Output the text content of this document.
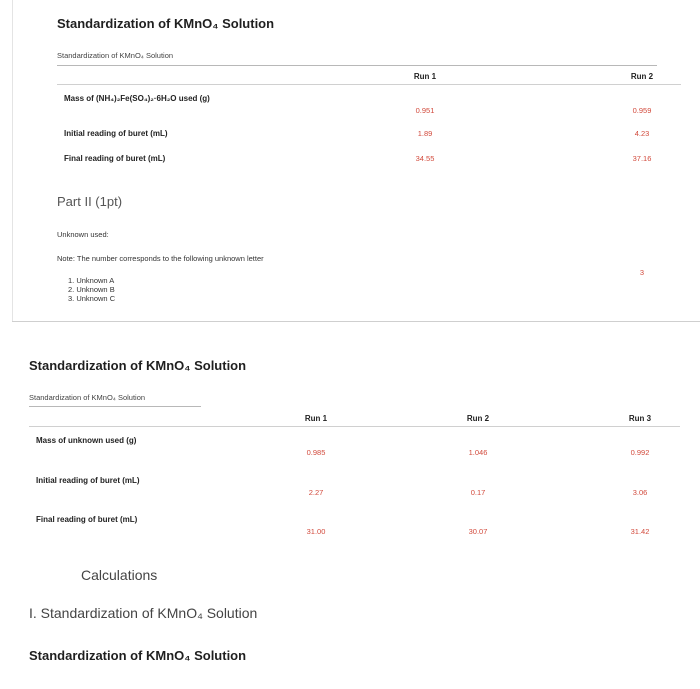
Standardization of KMnO₄ Solution
Standardization of KMnO₄ Solution
Run 1	Run 2
Mass of (NH₄)₂Fe(SO₄)₂·6H₂O used (g)
0.951	0.959
Initial reading of buret (mL)	1.89	4.23
Final reading of buret (mL)	34.55	37.16
Part II (1pt)
Unknown used:
Note: The number corresponds to the following unknown letter
1. Unknown A
2. Unknown B
3. Unknown C
3
Standardization of KMnO₄ Solution
Standardization of KMnO₄ Solution
Run 1	Run 2	Run 3
Mass of unknown used (g)
0.985	1.046	0.992
Initial reading of buret (mL)
2.27	0.17	3.06
Final reading of buret (mL)
31.00	30.07	31.42
Calculations
I. Standardization of KMnO₄ Solution
Standardization of KMnO₄ Solution
